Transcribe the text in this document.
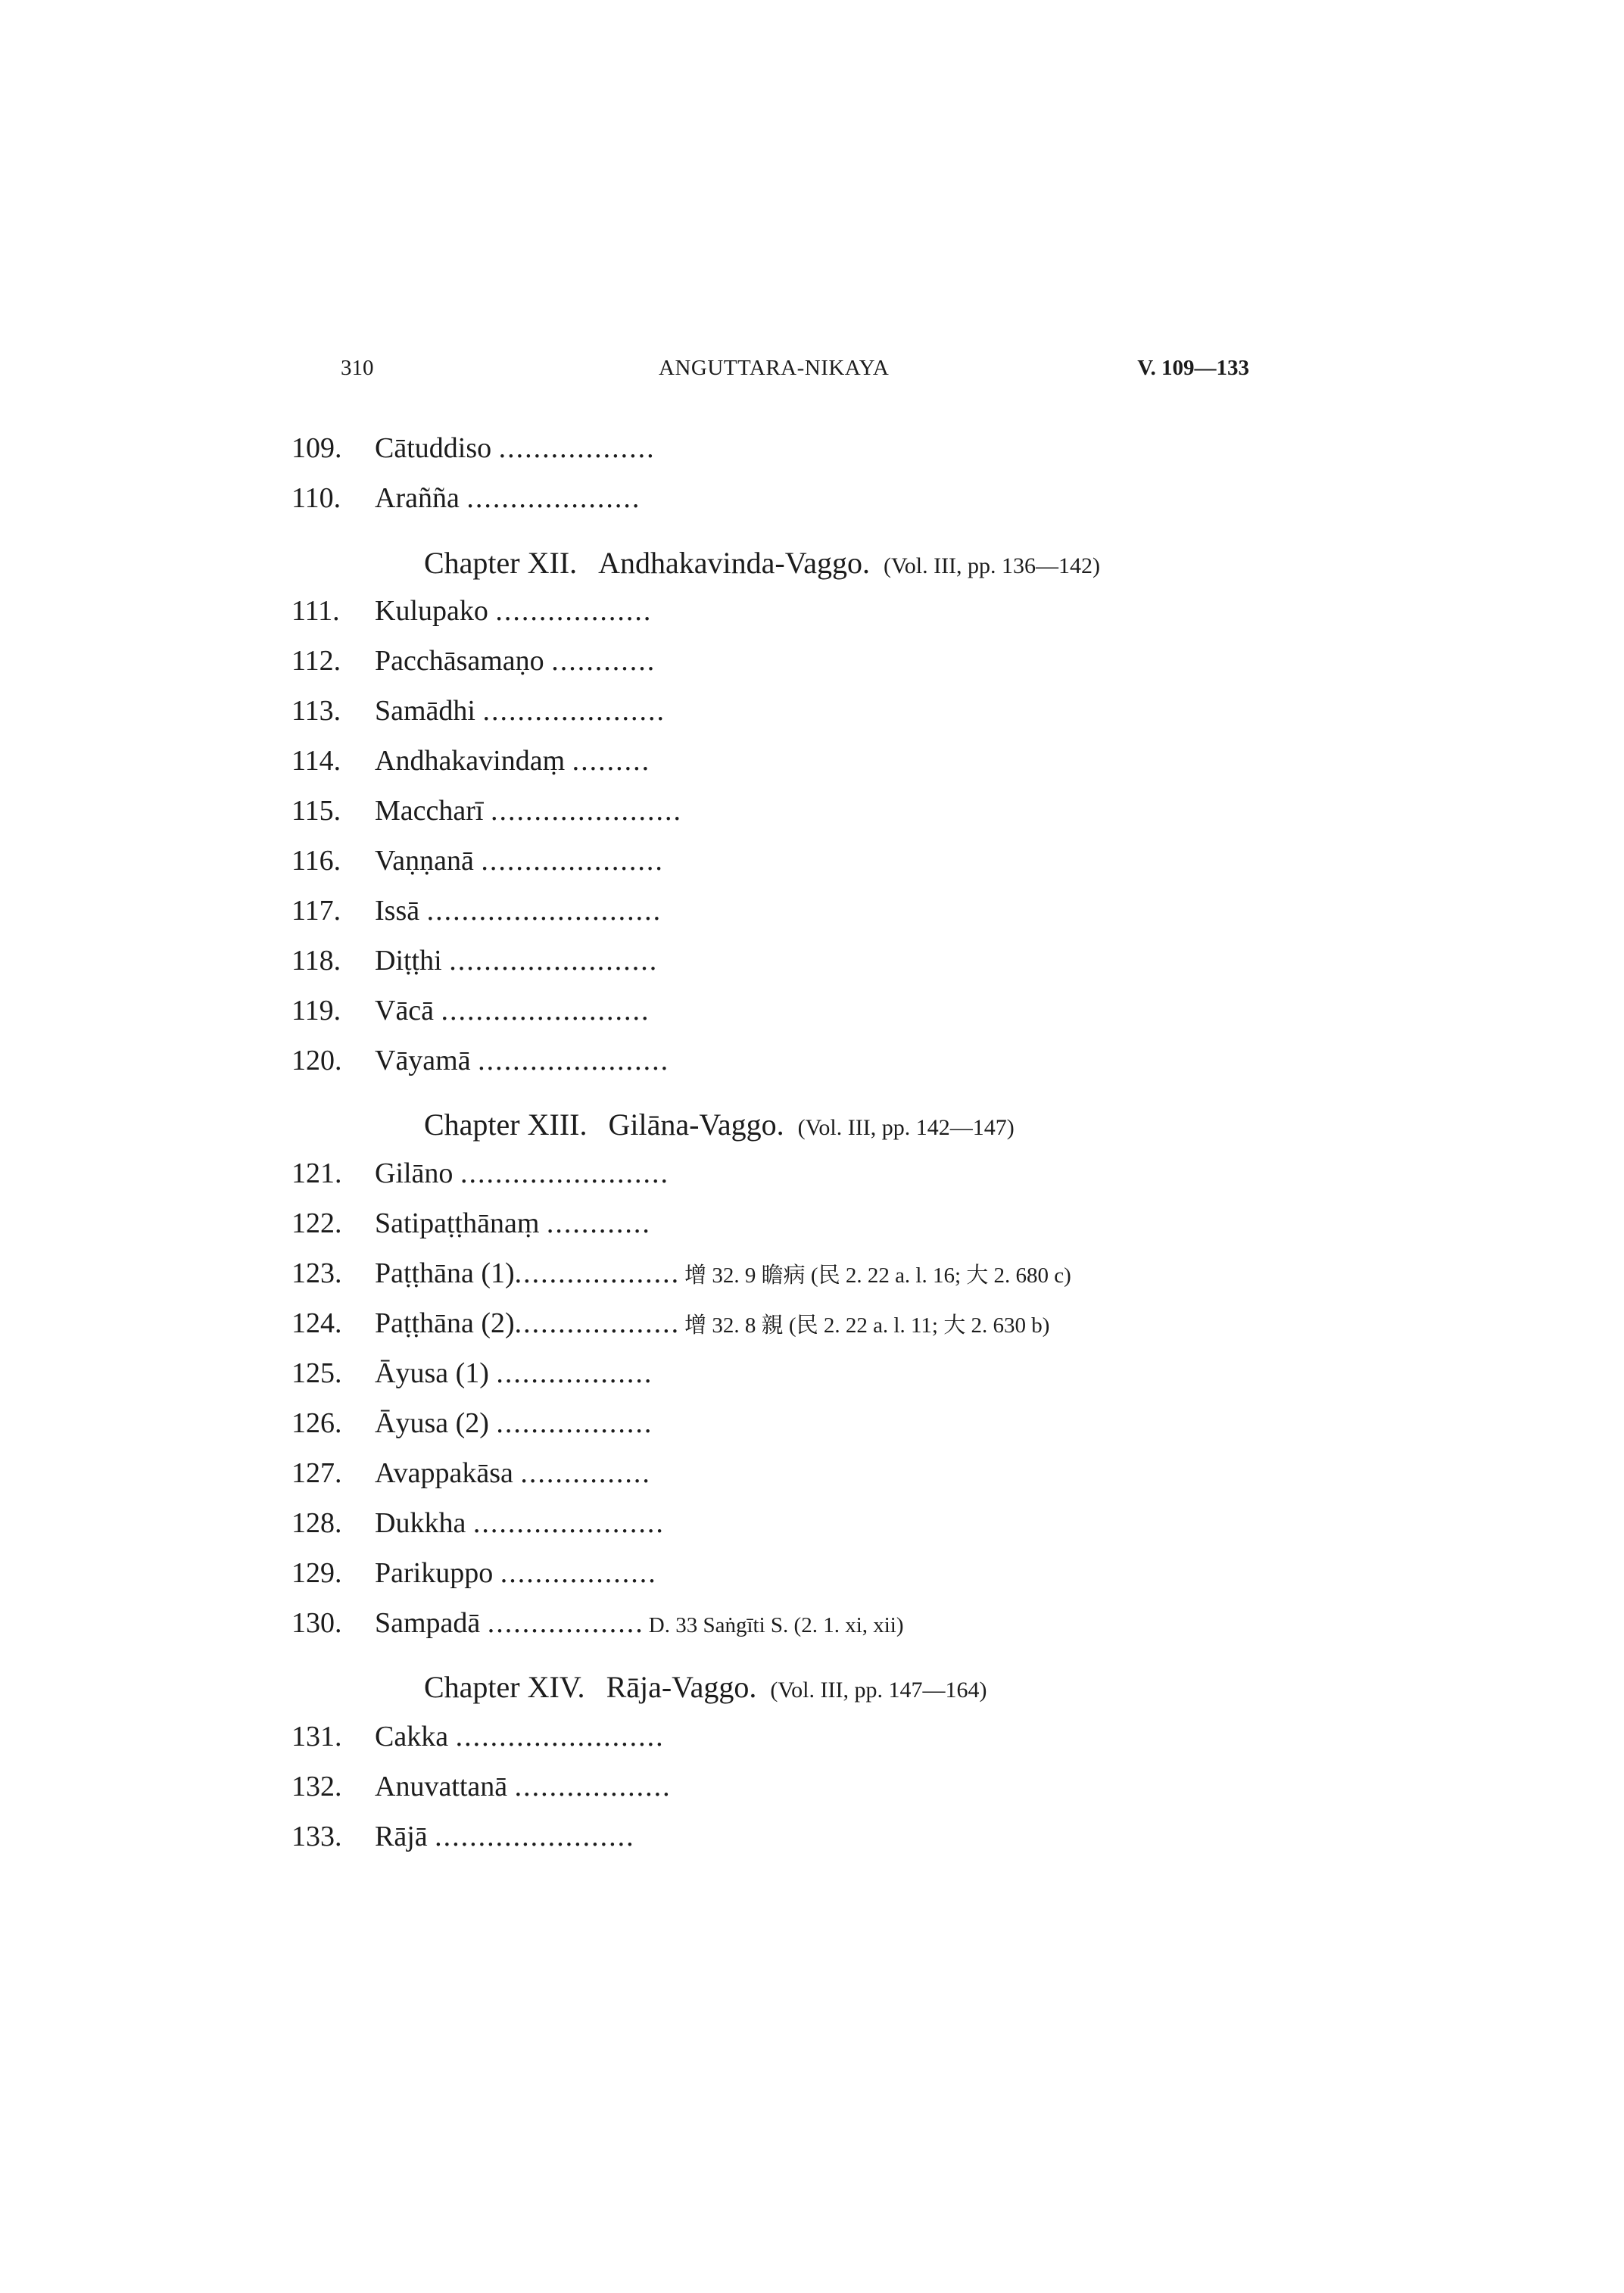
310	ANGUTTARA-NIKAYA	V. 109—133
109. Cātuddiso ..................
110. Arañña ....................
Chapter XII. Andhakavinda-Vaggo. (Vol. III, pp. 136—142)
111. Kulupako ..................
112. Pacchāsamaṇo ............
113. Samādhi .....................
114. Andhakavindaṃ .........
115. Maccharī ......................
116. Vaṇṇanā .....................
117. Issā ...........................
118. Diṭṭhi ........................
119. Vācā ........................
120. Vāyamā ......................
Chapter XIII. Gilāna-Vaggo. (Vol. III, pp. 142—147)
121. Gilāno ........................
122. Satipaṭṭhānaṃ ............
123. Paṭṭhāna (1)................... 增 32. 9 瞻病 (民 2. 22 a. l. 16; 大 2. 680 c)
124. Paṭṭhāna (2)................... 增 32. 8 親 (民 2. 22 a. l. 11; 大 2. 630 b)
125. Āyusa (1) ..................
126. Āyusa (2) ..................
127. Avappakāsa ...............
128. Dukkha ......................
129. Parikuppo ..................
130. Sampadā .................. D. 33 Saṅgīti S. (2. 1. xi, xii)
Chapter XIV. Rāja-Vaggo. (Vol. III, pp. 147—164)
131. Cakka ........................
132. Anuvattanā ..................
133. Rājā .......................
